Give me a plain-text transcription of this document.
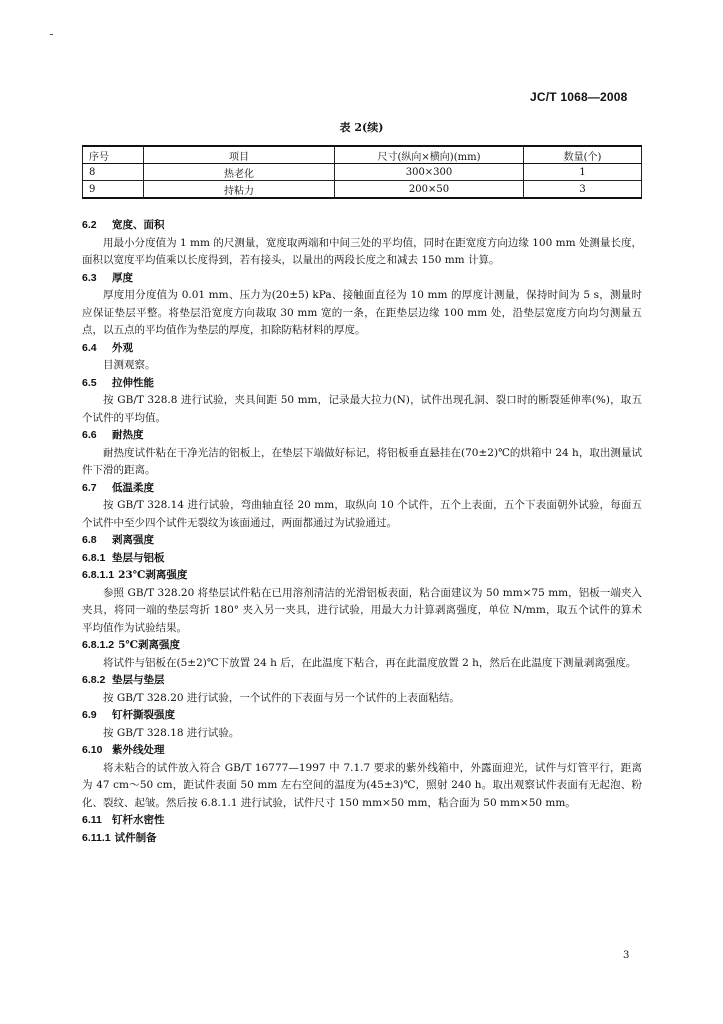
JC/T 1068—2008
表 2(续)
序号	项目	尺寸(纵向×横向)(mm)	数量(个)
8	热老化	300×300	1
9	持粘力	200×50	3

6.2 宽度、面积

用最小分度值为 1 mm 的尺测量，宽度取两端和中间三处的平均值，同时在距宽度方向边缘 100 mm 处测量长度，面积以宽度平均值乘以长度得到，若有接头，以量出的两段长度之和减去 150 mm 计算。

6.3 厚度

厚度用分度值为 0.01 mm、压力为(20±5) kPa、接触面直径为 10 mm 的厚度计测量，保持时间为 5 s，测量时应保证垫层平整。将垫层沿宽度方向裁取 30 mm 宽的一条，在距垫层边缘 100 mm 处，沿垫层宽度方向均匀测量五点，以五点的平均值作为垫层的厚度，扣除防粘材料的厚度。

6.4 外观

目测观察。

6.5 拉伸性能

按 GB/T 328.8 进行试验，夹具间距 50 mm，记录最大拉力(N)，试件出现孔洞、裂口时的断裂延伸率(%)，取五个试件的平均值。

6.6 耐热度

耐热度试件粘在干净光洁的铝板上，在垫层下端做好标记，将铝板垂直悬挂在(70±2)℃的烘箱中 24 h，取出测量试件下滑的距离。

6.7 低温柔度

按 GB/T 328.14 进行试验，弯曲轴直径 20 mm，取纵向 10 个试件，五个上表面，五个下表面朝外试验，每面五个试件中至少四个试件无裂纹为该面通过，两面都通过为试验通过。

6.8 剥离强度

6.8.1 垫层与铝板

6.8.1.1 23℃剥离强度

参照 GB/T 328.20 将垫层试件粘在已用溶剂清洁的光滑铝板表面，粘合面建议为 50 mm×75 mm，铝板一端夹入夹具，将同一端的垫层弯折 180° 夹入另一夹具，进行试验，用最大力计算剥离强度，单位 N/mm，取五个试件的算术平均值作为试验结果。

6.8.1.2 5℃剥离强度

将试件与铝板在(5±2)℃下放置 24 h 后，在此温度下粘合，再在此温度放置 2 h，然后在此温度下测量剥离强度。

6.8.2 垫层与垫层

按 GB/T 328.20 进行试验，一个试件的下表面与另一个试件的上表面粘结。

6.9 钉杆撕裂强度

按 GB/T 328.18 进行试验。

6.10 紫外线处理

将未粘合的试件放入符合 GB/T 16777—1997 中 7.1.7 要求的紫外线箱中，外露面迎光，试件与灯管平行，距离为 47 cm～50 cm，距试件表面 50 mm 左右空间的温度为(45±3)℃，照射 240 h。取出观察试件表面有无起泡、粉化、裂纹、起皱。然后按 6.8.1.1 进行试验，试件尺寸 150 mm×50 mm，粘合面为 50 mm×50 mm。

6.11 钉杆水密性

6.11.1 试件制备

3
